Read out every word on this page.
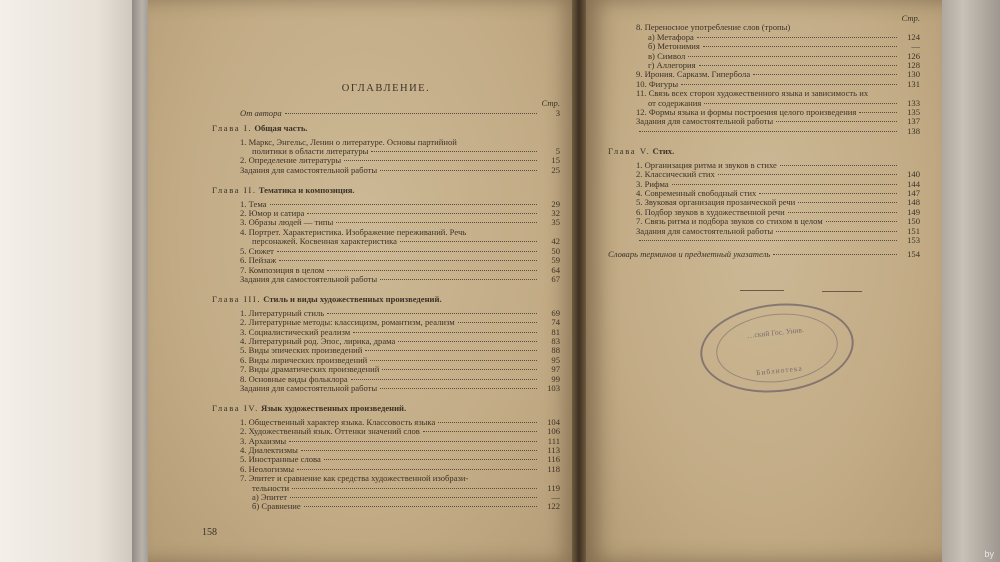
ОГЛАВЛЕНИЕ.
Стр.
От автора	3
Глава I. Общая часть.
1. Маркс, Энгельс, Ленин о литературе. Основы партийной
политики в области литературы	5
2. Определение литературы	15
Задания для самостоятельной работы	25
Глава II. Тематика и композиция.
1. Тема	29
2. Юмор и сатира	32
3. Образы людей — типы	35
4. Портрет. Характеристика. Изображение переживаний. Речь
персонажей. Косвенная характеристика	42
5. Сюжет	50
6. Пейзаж	59
7. Композиция в целом	64
Задания для самостоятельной работы	67
Глава III. Стиль и виды художественных произведений.
1. Литературный стиль	69
2. Литературные методы: классицизм, романтизм, реализм	74
3. Социалистический реализм	81
4. Литературный род. Эпос, лирика, драма	83
5. Виды эпических произведений	88
6. Виды лирических произведений	95
7. Виды драматических произведений	97
8. Основные виды фольклора	99
Задания для самостоятельной работы	103
Глава IV. Язык художественных произведений.
1. Общественный характер языка. Классовость языка	104
2. Художественный язык. Оттенки значений слов	106
3. Архаизмы	111
4. Диалектизмы	113
5. Иностранные слова	116
6. Неологизмы	118
7. Эпитет и сравнение как средства художественной изобрази-
тельности	119
а) Эпитет	—
б) Сравнение	122
158
Стр.
8. Переносное употребление слов (тропы)
а) Метафора	124
б) Метонимия	—
в) Символ	126
г) Аллегория	128
9. Ирония. Сарказм. Гипербола	130
10. Фигуры	131
11. Связь всех сторон художественного языка и зависимость их
от содержания	133
12. Формы языка и формы построения целого произведения	135
Задания для самостоятельной работы	137
138
Глава V. Стих.
1. Организация ритма и звуков в стихе
2. Классический стих	140
3. Рифма	144
4. Современный свободный стих	147
5. Звуковая организация прозаической речи	148
6. Подбор звуков в художественной речи	149
7. Связь ритма и подбора звуков со стихом в целом	150
Задания для самостоятельной работы	151
153
Словарь терминов и предметный указатель	154
…ский Гос. Унив.
Библиотека
by
